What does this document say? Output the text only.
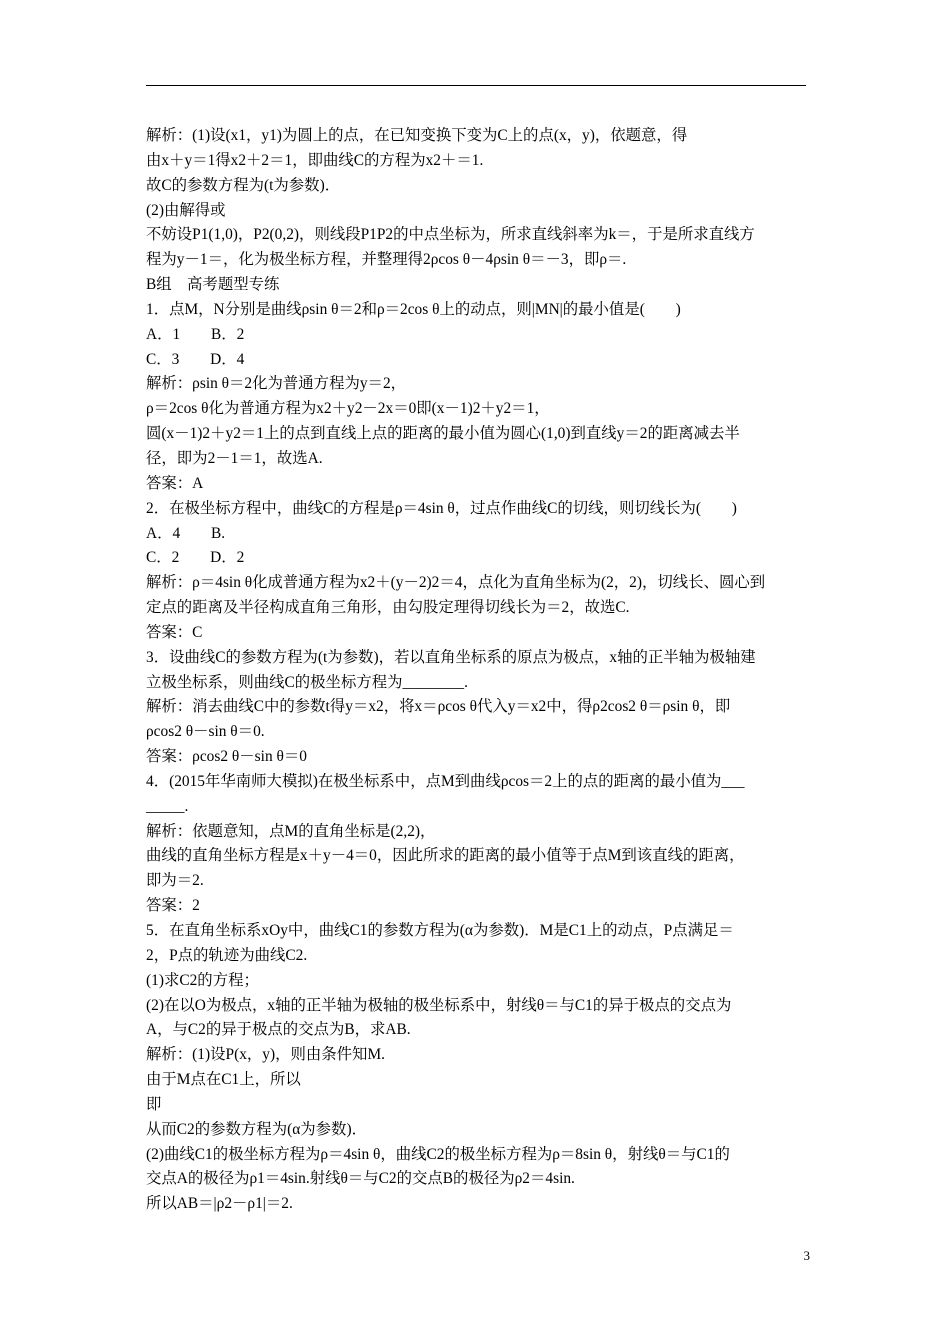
解析：(1)设(x1，y1)为圆上的点，在已知变换下变为C上的点(x，y)，依题意，得
由x＋y＝1得x2＋2＝1，即曲线C的方程为x2＋＝1.
故C的参数方程为(t为参数)．
(2)由解得或
不妨设P1(1,0)，P2(0,2)，则线段P1P2的中点坐标为，所求直线斜率为k＝，于是所求直线方
程为y－1＝，化为极坐标方程，并整理得2ρcos θ－4ρsin θ＝－3，即ρ＝.
B组　高考题型专练
1．点M，N分别是曲线ρsin θ＝2和ρ＝2cos θ上的动点，则|MN|的最小值是(　　)
A．1　　B．2
C．3　　D．4
解析：ρsin θ＝2化为普通方程为y＝2，
ρ＝2cos θ化为普通方程为x2＋y2－2x＝0即(x－1)2＋y2＝1，
圆(x－1)2＋y2＝1上的点到直线上点的距离的最小值为圆心(1,0)到直线y＝2的距离减去半
径，即为2－1＝1，故选A.
答案：A
2．在极坐标方程中，曲线C的方程是ρ＝4sin θ，过点作曲线C的切线，则切线长为(　　)
A．4　　B.
C．2　　D．2
解析：ρ＝4sin θ化成普通方程为x2＋(y－2)2＝4，点化为直角坐标为(2，2)，切线长、圆心到
定点的距离及半径构成直角三角形，由勾股定理得切线长为＝2，故选C.
答案：C
3．设曲线C的参数方程为(t为参数)，若以直角坐标系的原点为极点，x轴的正半轴为极轴建
立极坐标系，则曲线C的极坐标方程为________.
解析：消去曲线C中的参数t得y＝x2，将x＝ρcos θ代入y＝x2中，得ρ2cos2 θ＝ρsin θ，即
ρcos2 θ－sin θ＝0.
答案：ρcos2 θ－sin θ＝0
4．(2015年华南师大模拟)在极坐标系中，点M到曲线ρcos＝2上的点的距离的最小值为___
_____.
解析：依题意知，点M的直角坐标是(2,2)，
曲线的直角坐标方程是x＋y－4＝0，因此所求的距离的最小值等于点M到该直线的距离，
即为＝2.
答案：2
5．在直角坐标系xOy中，曲线C1的参数方程为(α为参数)．M是C1上的动点，P点满足＝
2，P点的轨迹为曲线C2.
(1)求C2的方程；
(2)在以O为极点，x轴的正半轴为极轴的极坐标系中，射线θ＝与C1的异于极点的交点为
A，与C2的异于极点的交点为B，求AB.
解析：(1)设P(x，y)，则由条件知M.
由于M点在C1上，所以
即
从而C2的参数方程为(α为参数)．
(2)曲线C1的极坐标方程为ρ＝4sin θ，曲线C2的极坐标方程为ρ＝8sin θ，射线θ＝与C1的
交点A的极径为ρ1＝4sin.射线θ＝与C2的交点B的极径为ρ2＝4sin.
所以AB＝|ρ2－ρ1|＝2.
3
